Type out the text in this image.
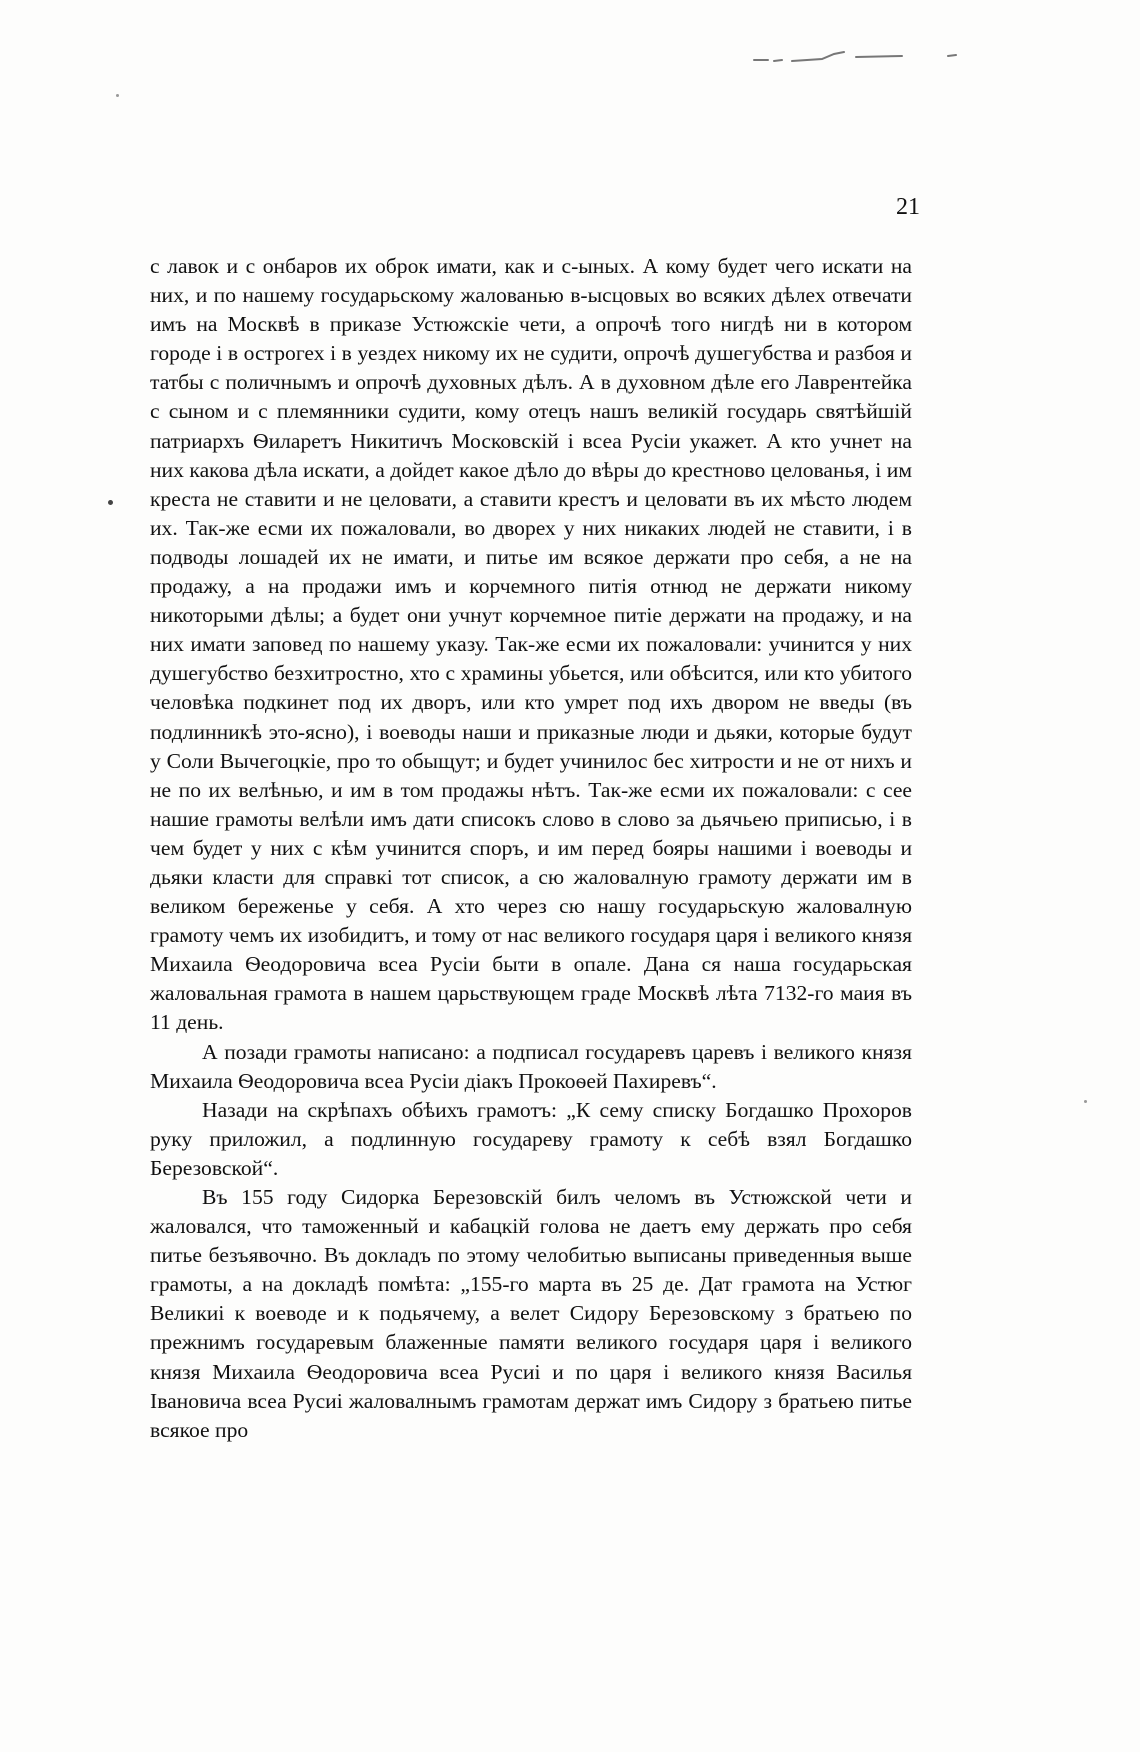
21

с лавок и с онбаров их оброк имати, как и с-ыных. А кому будет чего искати на них, и по нашему государьскому жалованью в-ысцовых во всяких дѣлех отвечати имъ на Москвѣ в приказе Устюжскіе чети, а опрочѣ того нигдѣ ни в котором городе і в острогех і в уездех никому их не судити, опрочѣ душегубства и разбоя и татбы с поличнымъ и опрочѣ духовных дѣлъ. А в духовном дѣле его Лаврентейка с сыном и с племянники судити, кому отецъ нашъ великій государь святѣйшій патриархъ Ѳиларетъ Никитичъ Московскій і всеа Русіи укажет. А кто учнет на них какова дѣла искати, а дойдет какое дѣло до вѣры до крестново целованья, і им креста не ставити и не целовати, а ставити крестъ и целовати въ их мѣсто людем их. Так-же есми их пожаловали, во дворех у них никаких людей не ставити, і в подводы лошадей их не имати, и питье им всякое держати про себя, а не на продажу, а на продажи имъ и корчемного питія отнюд не держати никому никоторыми дѣлы; а будет они учнут корчемное питіе держати на продажу, и на них имати заповед по нашему указу. Так-же есми их пожаловали: учинится у них душегубство безхитростно, хто с храмины убьется, или обѣсится, или кто убитого человѣка подкинет под их дворъ, или кто умрет под ихъ двором не введы (въ подлинникѣ это-ясно), і воеводы наши и приказные люди и дьяки, которые будут у Соли Вычегоцкіе, про то обыщут; и будет учинилос бес хитрости и не от нихъ и не по их велѣнью, и им в том продажы нѣтъ. Так-же есми их пожаловали: с сее нашие грамоты велѣли имъ дати списокъ слово в слово за дьячьею приписью, і в чем будет у них с кѣм учинится споръ, и им перед бояры нашими і воеводы и дьяки класти для справкі тот список, а сю жаловалную грамоту держати им в великом береженье у себя. А хто через сю нашу государьскую жаловалную грамоту чемъ их изобидитъ, и тому от нас великого государя царя і великого князя Михаила Ѳеодоровича всеа Русіи быти в опале. Дана ся наша государьская жаловальная грамота в нашем царьствующем граде Москвѣ лѣта 7132-го маия въ 11 день.

А позади грамоты написано: а подписал государевъ царевъ і великого князя Михаила Ѳеодоровича всеа Русіи діакъ Прокоѳей Пахиревъ“.

Назади на скрѣпахъ обѣихъ грамотъ: „К сему списку Богдашко Прохоров руку приложил, а подлинную государеву грамоту к себѣ взял Богдашко Березовской“.

Въ 155 году Сидорка Березовскій билъ челомъ въ Устюжской чети и жаловался, что таможенный и кабацкій голова не даетъ ему держать про себя питье безъявочно. Въ докладъ по этому челобитью выписаны приведенныя выше грамоты, а на докладѣ помѣта: „155-го марта въ 25 де. Дат грамота на Устюг Великиі к воеводе и к подьячему, а велет Сидору Березовскому з братьею по прежнимъ государевым блаженные памяти великого государя царя і великого князя Михаила Ѳеодоровича всеа Русиі и по царя і великого князя Василья Івановича всеа Русиі жаловалнымъ грамотам держат имъ Сидору з братьею питье всякое про
